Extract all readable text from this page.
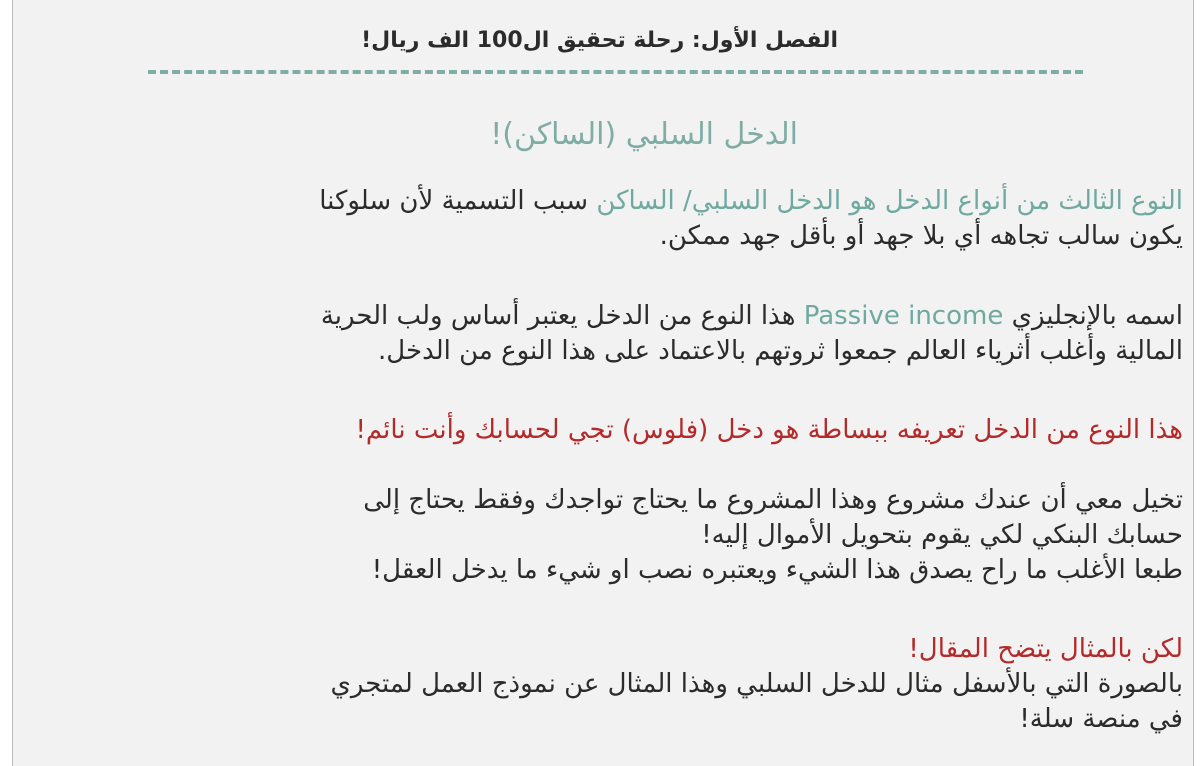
الفصل الأول: رحلة تحقيق ال100 الف ريال!
الدخل السلبي (الساكن)!
النوع الثالث من أنواع الدخل هو الدخل السلبي/ الساكن سبب التسمية لأن سلوكنا
يكون سالب تجاهه أي بلا جهد أو بأقل جهد ممكن.
اسمه بالإنجليزي Passive income هذا النوع من الدخل يعتبر أساس ولب الحرية
المالية وأغلب أثرياء العالم جمعوا ثروتهم بالاعتماد على هذا النوع من الدخل.
هذا النوع من الدخل تعريفه ببساطة هو دخل (فلوس) تجي لحسابك وأنت نائم!
تخيل معي أن عندك مشروع وهذا المشروع ما يحتاج تواجدك وفقط يحتاج إلى
حسابك البنكي لكي يقوم بتحويل الأموال إليه!
طبعا الأغلب ما راح يصدق هذا الشيء ويعتبره نصب او شيء ما يدخل العقل!
لكن بالمثال يتضح المقال!
بالصورة التي بالأسفل مثال للدخل السلبي وهذا المثال عن نموذج العمل لمتجري
في منصة سلة!
